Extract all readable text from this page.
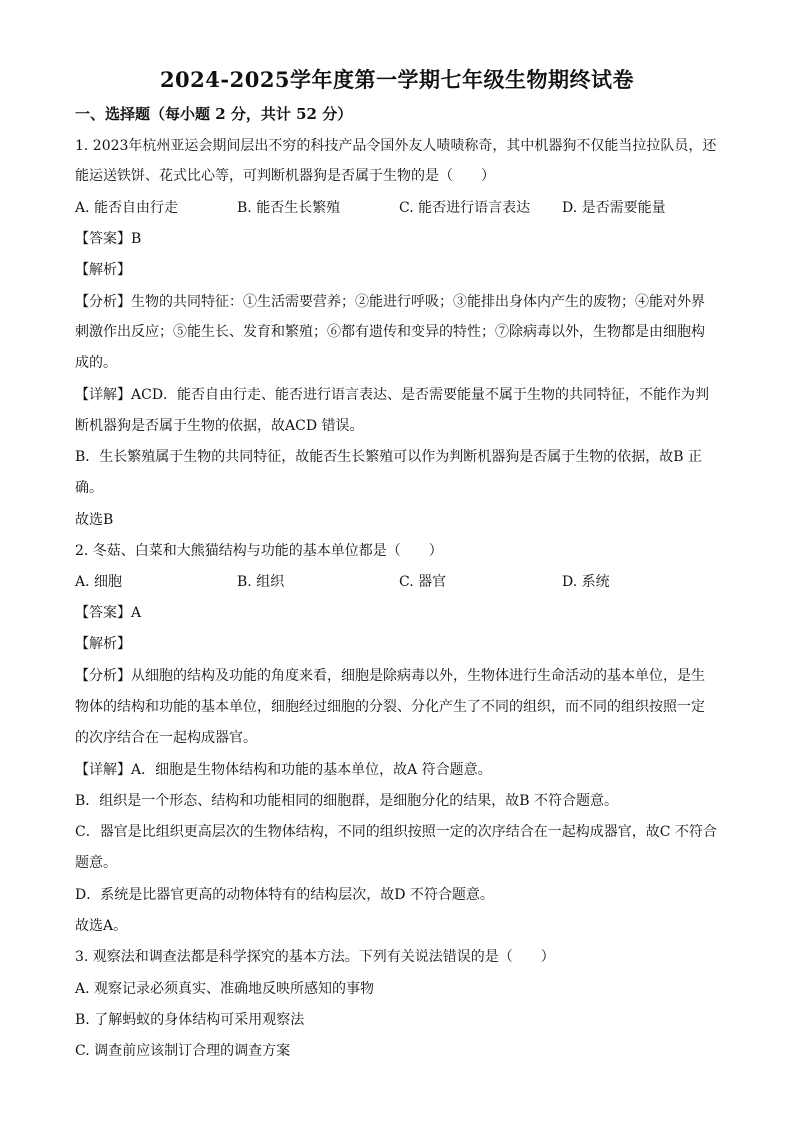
2024-2025学年度第一学期七年级生物期终试卷
一、选择题（每小题 2 分，共计 52 分）
1. 2023年杭州亚运会期间层出不穷的科技产品令国外友人啧啧称奇，其中机器狗不仅能当拉拉队员，还
能运送铁饼、花式比心等，可判断机器狗是否属于生物的是（　　）
A. 能否自由行走	B. 能否生长繁殖	C. 能否进行语言表达 D. 是否需要能量
【答案】B
【解析】
【分析】生物的共同特征：①生活需要营养；②能进行呼吸；③能排出身体内产生的废物；④能对外界
刺激作出反应；⑤能生长、发育和繁殖；⑥都有遗传和变异的特性；⑦除病毒以外，生物都是由细胞构
成的。
【详解】ACD．能否自由行走、能否进行语言表达、是否需要能量不属于生物的共同特征，不能作为判
断机器狗是否属于生物的依据，故ACD 错误。
B．生长繁殖属于生物的共同特征，故能否生长繁殖可以作为判断机器狗是否属于生物的依据，故B 正
确。
故选B
2. 冬菇、白菜和大熊猫结构与功能的基本单位都是（　　）
A. 细胞	B. 组织	C. 器官	D. 系统
【答案】A
【解析】
【分析】从细胞的结构及功能的角度来看，细胞是除病毒以外，生物体进行生命活动的基本单位，是生
物体的结构和功能的基本单位，细胞经过细胞的分裂、分化产生了不同的组织，而不同的组织按照一定
的次序结合在一起构成器官。
【详解】A．细胞是生物体结构和功能的基本单位，故A 符合题意。
B．组织是一个形态、结构和功能相同的细胞群，是细胞分化的结果，故B 不符合题意。
C．器官是比组织更高层次的生物体结构，不同的组织按照一定的次序结合在一起构成器官，故C 不符合
题意。
D．系统是比器官更高的动物体特有的结构层次，故D 不符合题意。
故选A。
3. 观察法和调查法都是科学探究的基本方法。下列有关说法错误的是（　　）
A. 观察记录必须真实、准确地反映所感知的事物
B. 了解蚂蚁的身体结构可采用观察法
C. 调查前应该制订合理的调查方案
